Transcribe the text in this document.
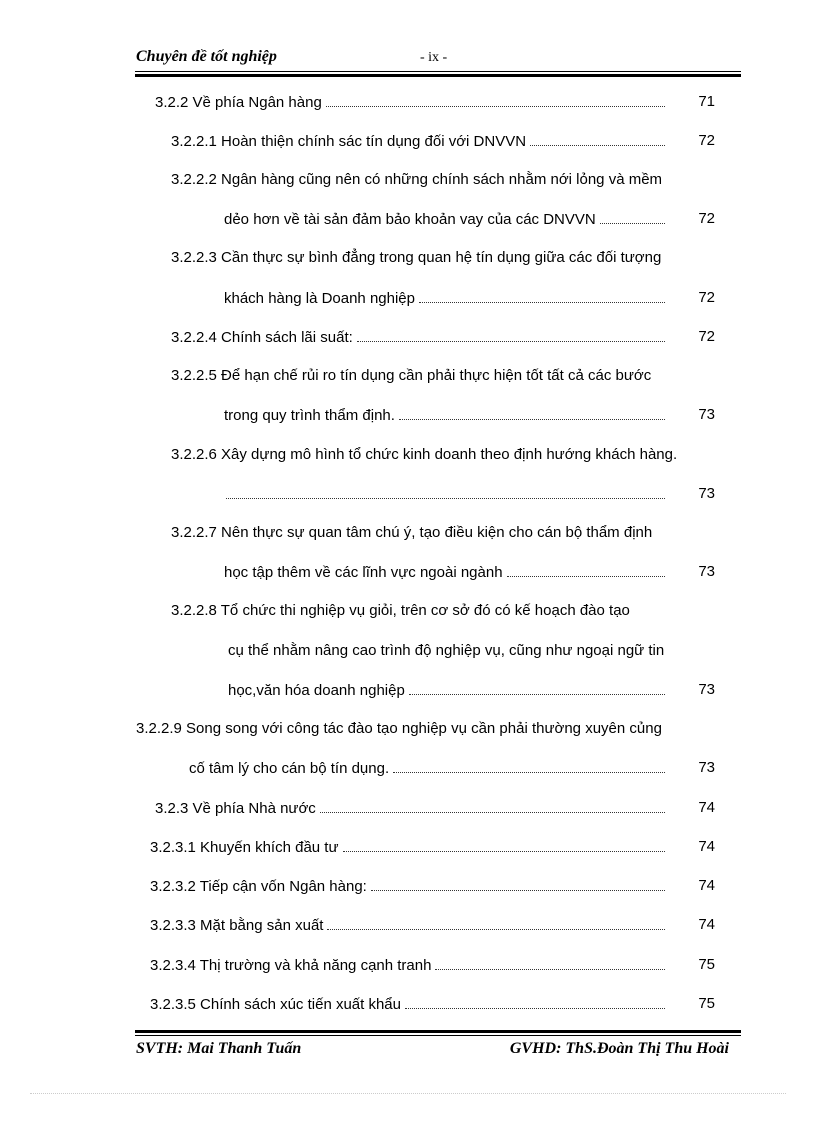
Chuyên đề tốt nghiệp	- ix -
3.2.2 Về phía Ngân hàng	71
3.2.2.1 Hoàn thiện chính sác tín dụng đối với DNVVN	72
3.2.2.2 Ngân hàng cũng nên có những chính sách nhằm nới lỏng và mềm
dẻo hơn về tài sản đảm bảo khoản vay của các DNVVN	72
3.2.2.3 Cần thực sự bình đẳng trong quan hệ tín dụng giữa các đối tượng
khách hàng là Doanh nghiệp	72
3.2.2.4 Chính sách lãi suất:	72
3.2.2.5 Để hạn chế rủi ro tín dụng cần phải thực hiện tốt tất cả các bước
trong quy trình thẩm định.	73
3.2.2.6 Xây dựng mô hình tổ chức kinh doanh theo định hướng khách hàng.
73
3.2.2.7 Nên thực sự quan tâm chú ý, tạo điều kiện cho cán bộ thẩm định
học tập thêm về các lĩnh vực ngoài ngành	73
3.2.2.8 Tổ chức thi nghiệp vụ giỏi, trên cơ sở đó có kế hoạch đào tạo
cụ thể nhằm nâng cao trình độ nghiệp vụ, cũng như ngoại ngữ tin
học,văn hóa doanh nghiệp	73
3.2.2.9 Song song với công tác đào tạo nghiệp vụ cần phải thường xuyên củng
cố tâm lý cho cán bộ tín dụng.	73
3.2.3 Về phía Nhà nước	74
3.2.3.1 Khuyến khích đầu tư	74
3.2.3.2 Tiếp cận vốn Ngân hàng:	74
3.2.3.3 Mặt bằng sản xuất	74
3.2.3.4 Thị trường và khả năng cạnh tranh	75
3.2.3.5 Chính sách xúc tiến xuất khẩu	75
SVTH: Mai Thanh Tuấn	GVHD: ThS.Đoàn Thị Thu Hoài
